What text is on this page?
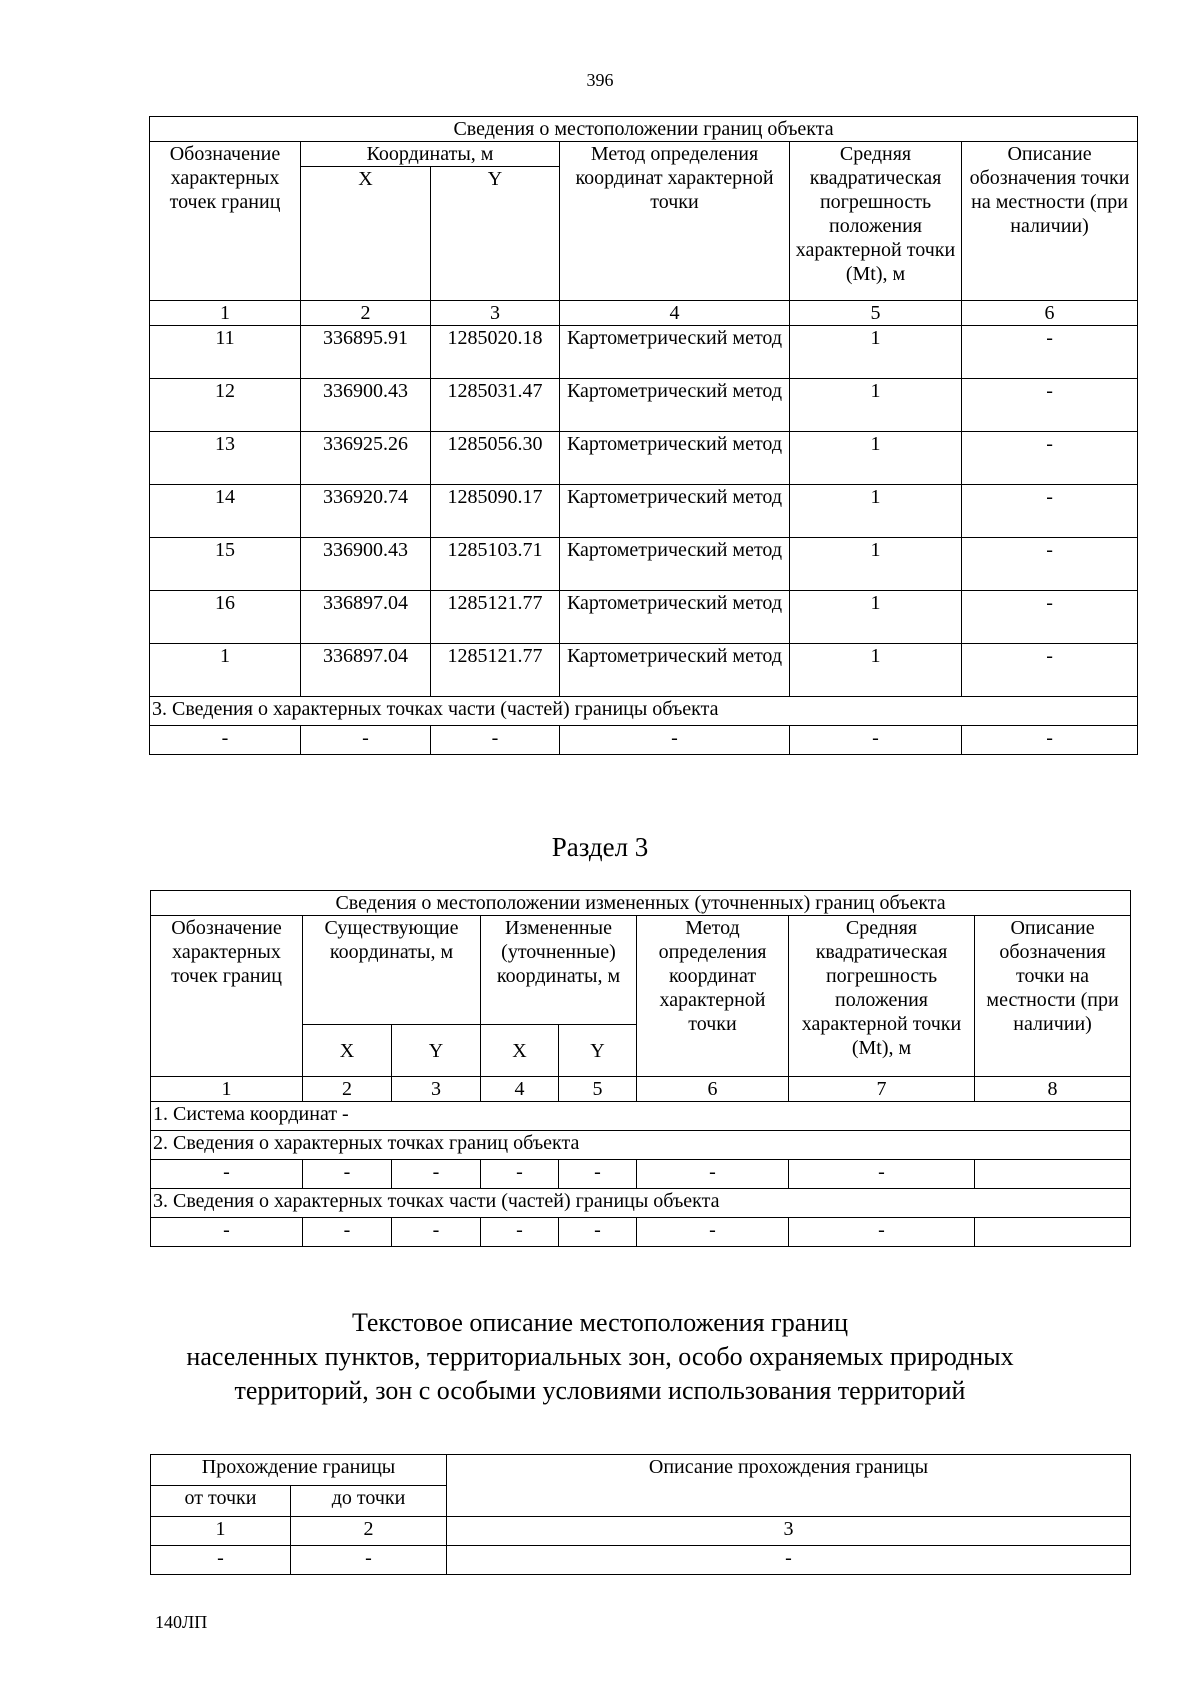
396
Сведения о местоположении границ объекта					
Обозначение характерных точек границ	Координаты, м		Метод определения координат характерной точки	Средняя квадратическая погрешность положения характерной точки (Mt), м	Описание обозначения точки на местности (при наличии)
	X	Y			
1	2	3	4	5	6
11	336895.91	1285020.18	Картометрический метод	1	-
12	336900.43	1285031.47	Картометрический метод	1	-
13	336925.26	1285056.30	Картометрический метод	1	-
14	336920.74	1285090.17	Картометрический метод	1	-
15	336900.43	1285103.71	Картометрический метод	1	-
16	336897.04	1285121.77	Картометрический метод	1	-
1	336897.04	1285121.77	Картометрический метод	1	-
3. Сведения о характерных точках части (частей) границы объекта					
-	-	-	-	-	-
Раздел 3
Сведения о местоположении измененных (уточненных) границ объекта							
Обозначение характерных точек границ	Существующие координаты, м		Измененные (уточненные) координаты, м		Метод определения координат характерной точки	Средняя квадратическая погрешность положения характерной точки (Mt), м	Описание обозначения точки на местности (при наличии)
	X	Y	X	Y			
1	2	3	4	5	6	7	8
1. Система координат -							
2. Сведения о характерных точках границ объекта							
-	-	-	-	-	-	-	
3. Сведения о характерных точках части (частей) границы объекта							
-	-	-	-	-	-	-	
Текстовое описание местоположения границ
населенных пунктов, территориальных зон, особо охраняемых природных
территорий, зон с особыми условиями использования территорий
Прохождение границы		Описание прохождения границы
от точки	до точки	
1	2	3
-	-	-
140ЛП
